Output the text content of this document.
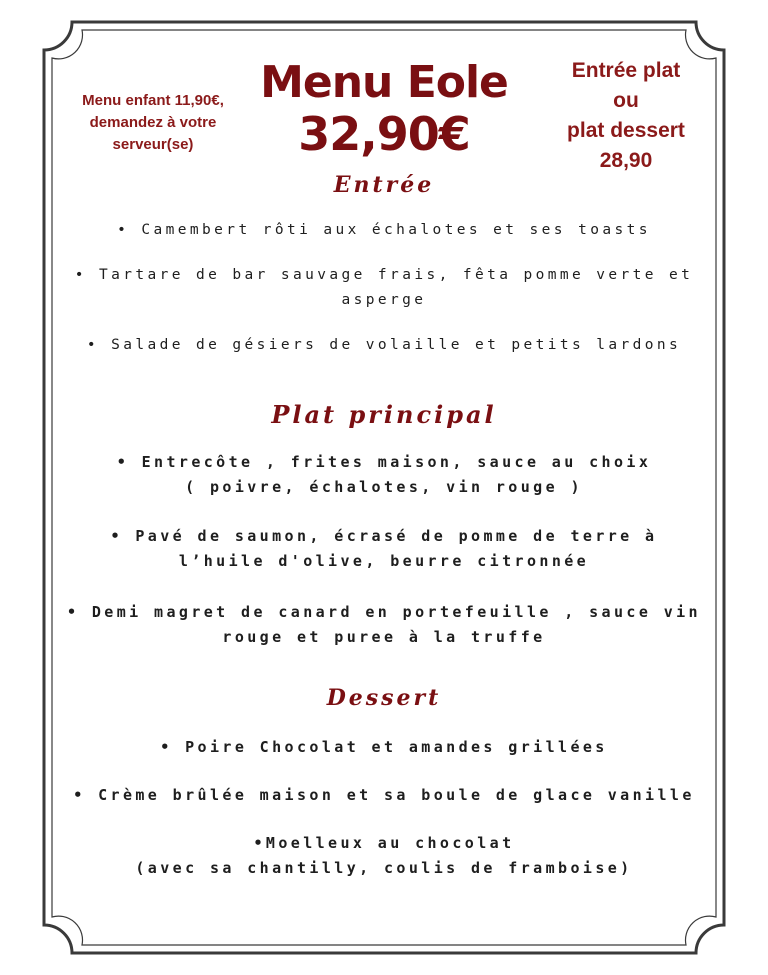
Menu enfant 11,90€,
demandez à votre
serveur(se)
Menu Eole
32,90€
Entrée plat
ou
plat dessert
28,90
Entrée
• Camembert rôti aux échalotes et ses toasts
• Tartare de bar sauvage frais, fêta pomme verte et
asperge
• Salade de gésiers de volaille et petits lardons
Plat principal
• Entrecôte , frites maison, sauce au choix
( poivre, échalotes, vin rouge )
• Pavé de saumon, écrasé de pomme de terre à
l’huile d'olive, beurre citronnée
• Demi magret de canard en portefeuille , sauce vin
rouge et puree à la truffe
Dessert
• Poire Chocolat et amandes grillées
• Crème brûlée maison et sa boule de glace vanille
•Moelleux au chocolat
(avec sa chantilly, coulis de framboise)
